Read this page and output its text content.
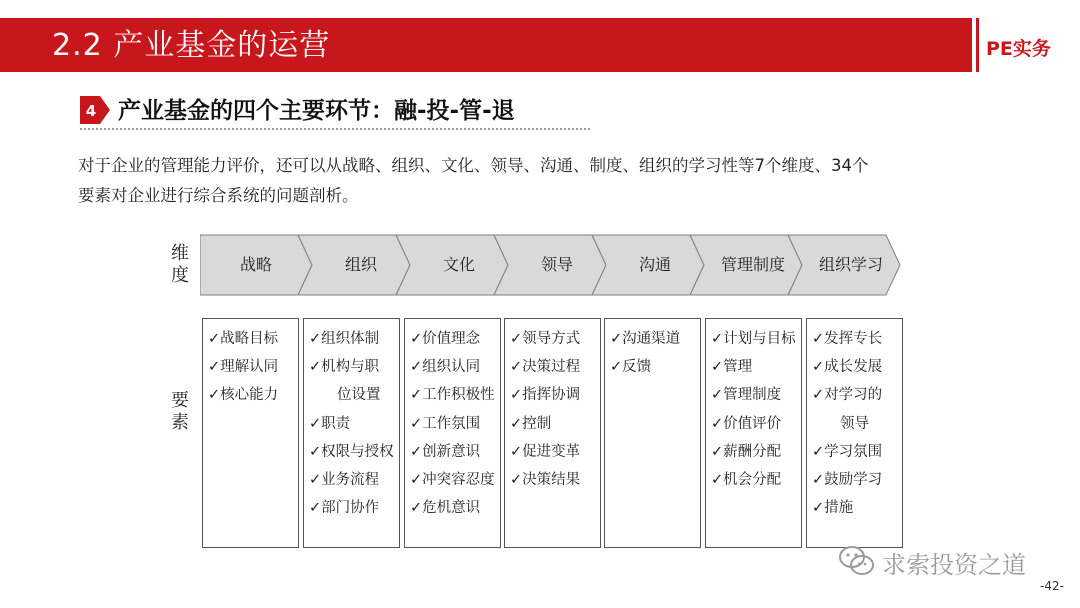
2.2 产业基金的运营	PE实务
4 产业基金的四个主要环节：融-投-管-退
对于企业的管理能力评价，还可以从战略、组织、文化、领导、沟通、制度、组织的学习性等7个维度、34个
要素对企业进行综合系统的问题剖析。
维
度
要
素
战略	组织	文化	领导	沟通	管理制度	组织学习
✓战略目标
✓理解认同
✓核心能力
✓组织体制
✓机构与职
位设置
✓职责
✓权限与授权
✓业务流程
✓部门协作
✓价值理念
✓组织认同
✓工作积极性
✓工作氛围
✓创新意识
✓冲突容忍度
✓危机意识
✓领导方式
✓决策过程
✓指挥协调
✓控制
✓促进变革
✓决策结果
✓沟通渠道
✓反馈
✓计划与目标
✓管理
✓管理制度
✓价值评价
✓薪酬分配
✓机会分配
✓发挥专长
✓成长发展
✓对学习的
领导
✓学习氛围
✓鼓励学习
✓措施
求索投资之道
-42-
